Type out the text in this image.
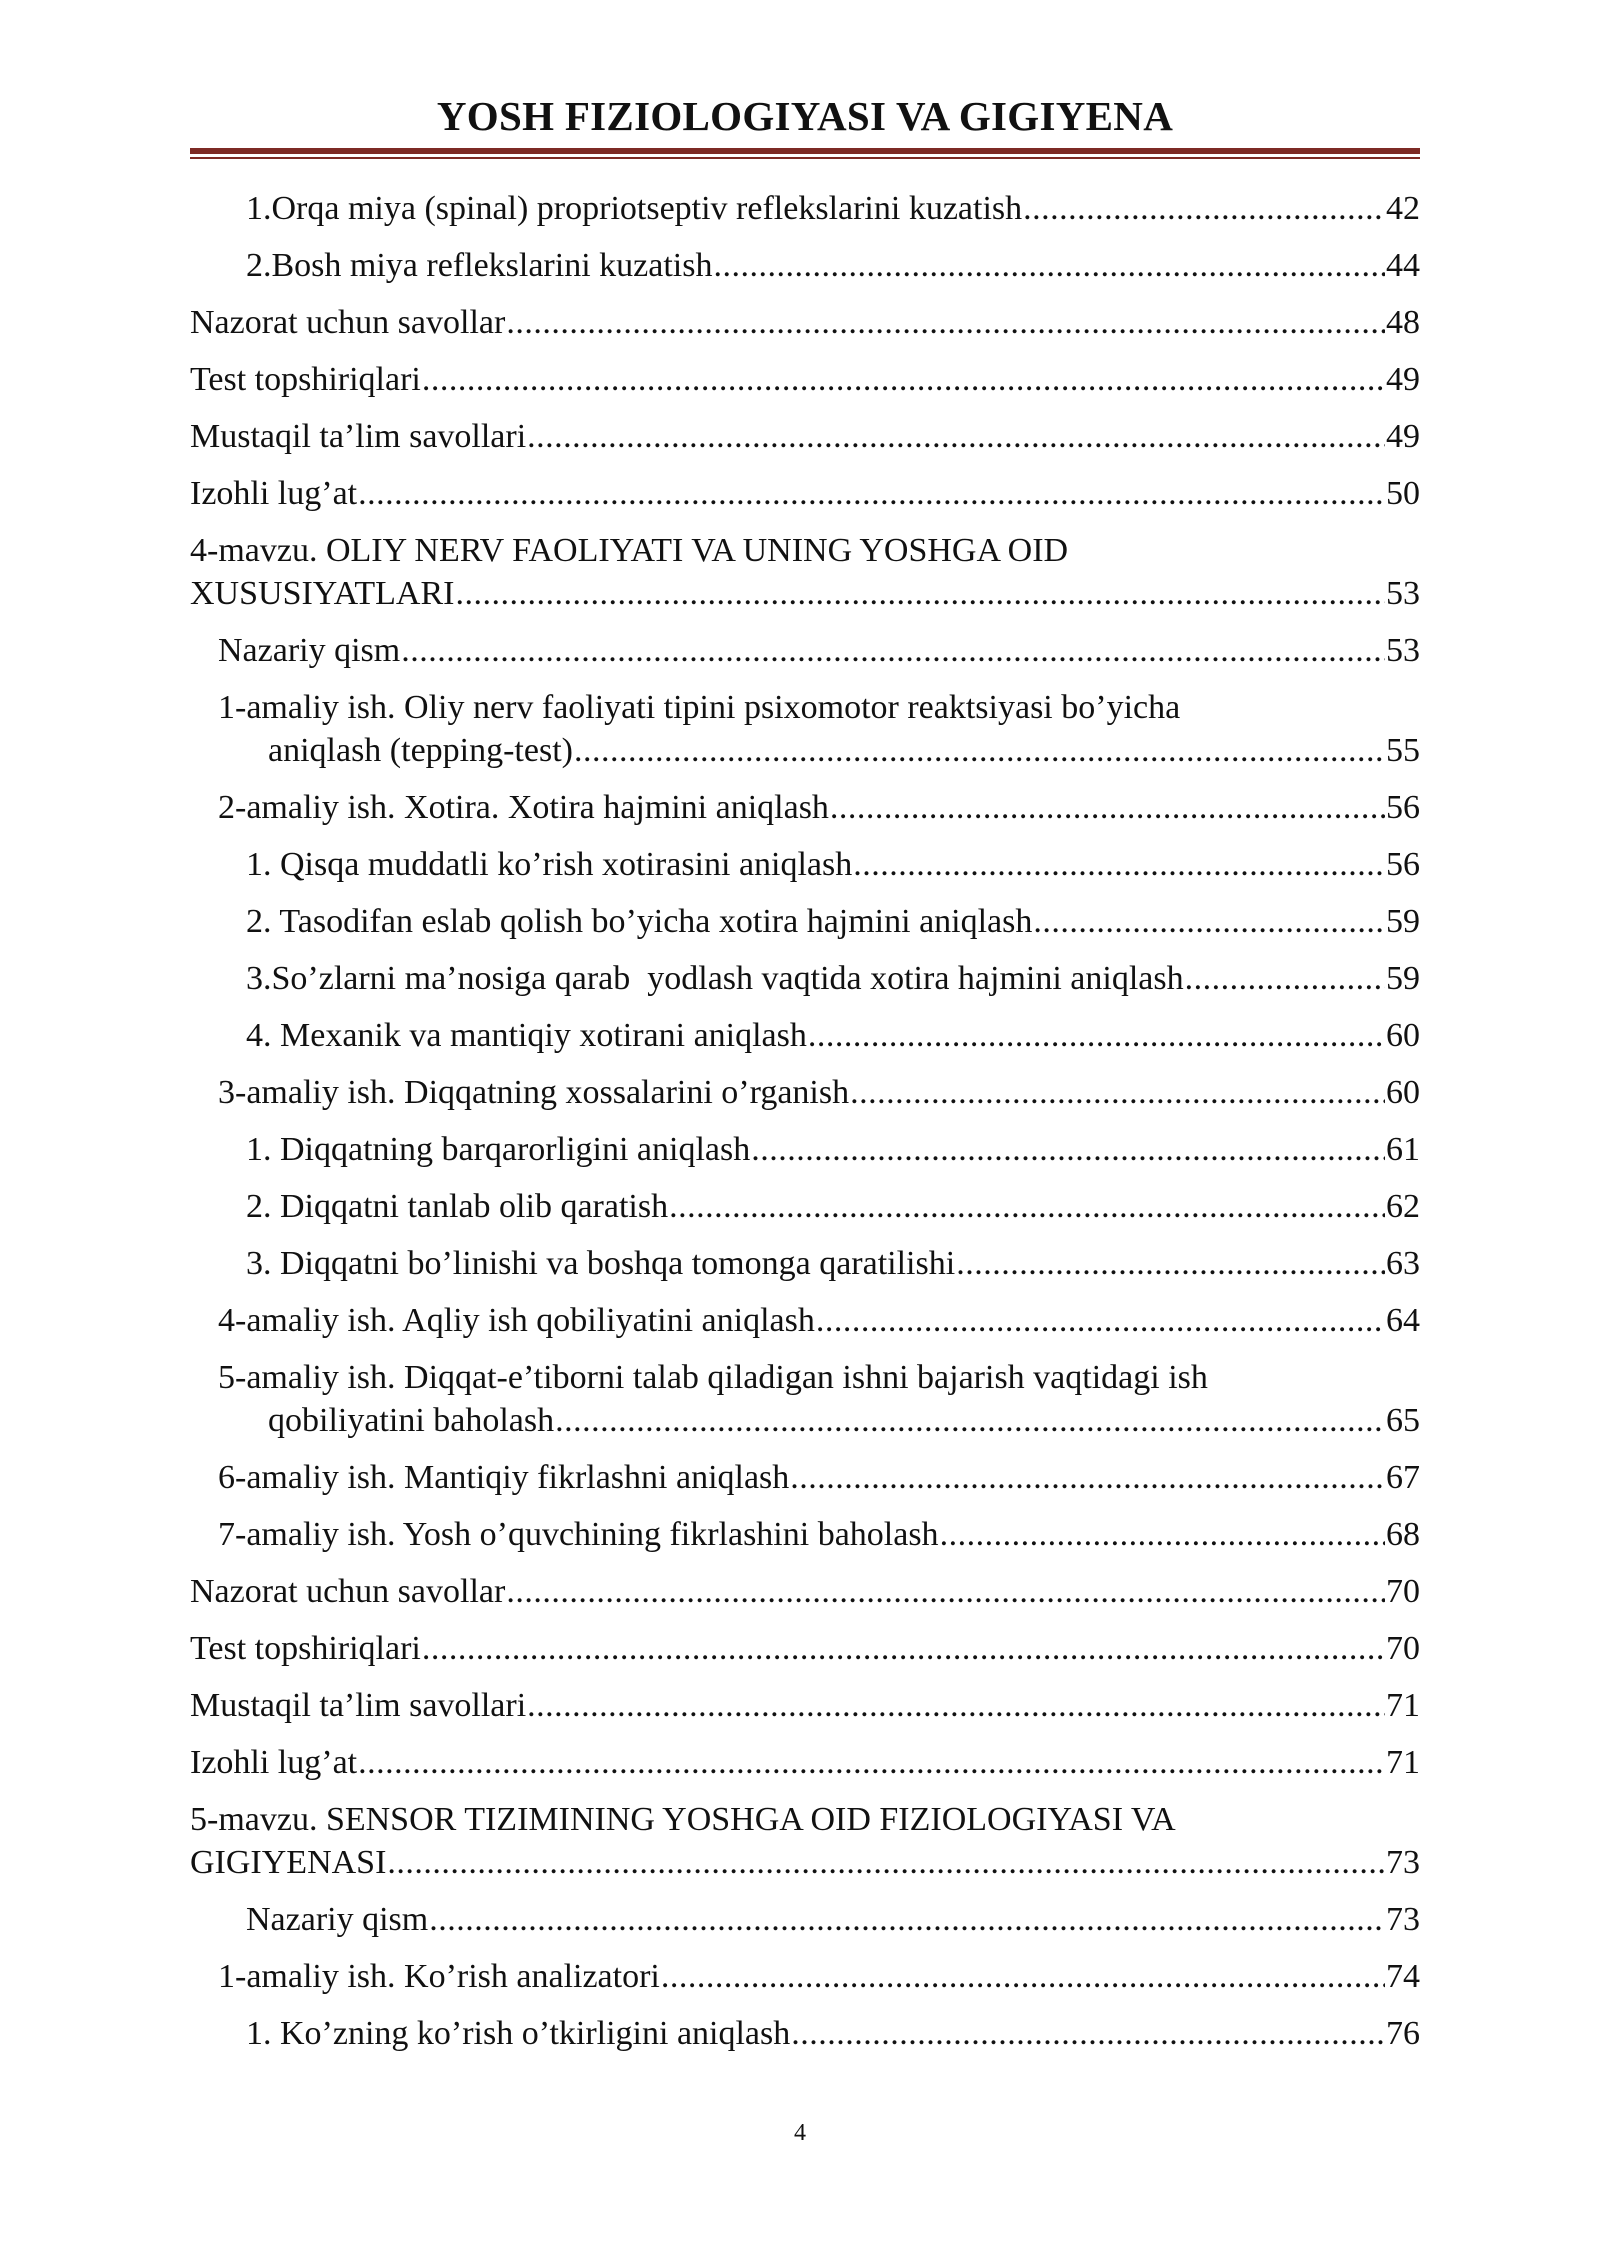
YOSH FIZIOLOGIYASI VA GIGIYENA
1. Orqa miya (spinal) propriotseptiv reflekslarini kuzatish .....	42
2. Bosh miya reflekslarini kuzatish .....	44
Nazorat uchun savollar .....	48
Test topshiriqlari .....	49
Mustaqil ta’lim savollari .....	49
Izohli lug’at .....	50
4-mavzu. OLIY NERV FAOLIYATI VA UNING YOSHGA OID
XUSUSIYATLARI .....	53
Nazariy qism .....	53
1-amaliy ish. Oliy nerv faoliyati tipini psixomotor reaktsiyasi bo’yicha
aniqlash (tepping-test) .....	55
2-amaliy ish. Xotira. Xotira hajmini aniqlash .....	56
1. Qisqa muddatli ko’rish xotirasini aniqlash .....	56
2. Tasodifan eslab qolish bo’yicha xotira hajmini aniqlash .....	59
3. So’zlarni ma’nosiga qarab  yodlash vaqtida xotira hajmini aniqlash .....	59
4. Mexanik va mantiqiy xotirani aniqlash .....	60
3-amaliy ish. Diqqatning xossalarini o’rganish .....	60
1. Diqqatning barqarorligini aniqlash .....	61
2. Diqqatni tanlab olib qaratish .....	62
3. Diqqatni bo’linishi va boshqa tomonga qaratilishi .....	63
4-amaliy ish. Aqliy ish qobiliyatini aniqlash .....	64
5-amaliy ish. Diqqat-e’tiborni talab qiladigan ishni bajarish vaqtidagi ish
qobiliyatini baholash .....	65
6-amaliy ish. Mantiqiy fikrlashni aniqlash .....	67
7-amaliy ish. Yosh o’quvchining fikrlashini baholash .....	68
Nazorat uchun savollar .....	70
Test topshiriqlari .....	70
Mustaqil ta’lim savollari .....	71
Izohli lug’at .....	71
5-mavzu. SENSOR TIZIMINING YOSHGA OID FIZIOLOGIYASI VA
GIGIYENASI .....	73
Nazariy qism .....	73
1-amaliy ish. Ko’rish analizatori .....	74
1. Ko’zning ko’rish o’tkirligini aniqlash .....	76
4
